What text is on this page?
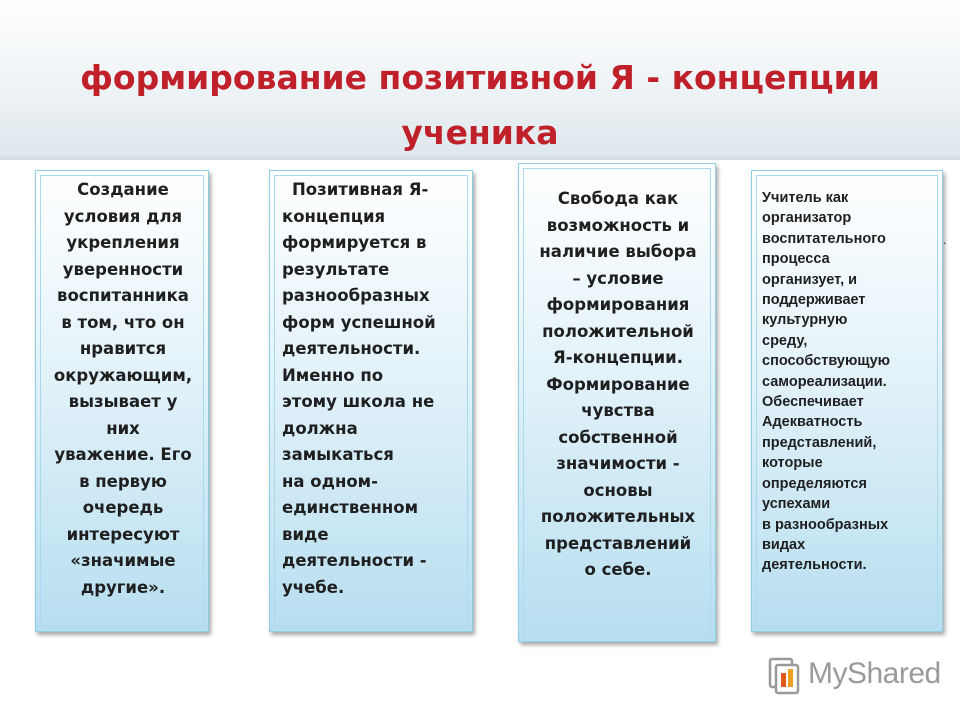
формирование позитивной Я - концепции
ученика
Создание
условия для
укрепления
уверенности
воспитанника
в том, что он
нравится
окружающим,
вызывает у
них
уважение. Его
в первую
очередь
интересуют
«значимые
другие».
Позитивная Я-
концепция
формируется в
результате
разнообразных
форм успешной
деятельности.
Именно по
этому школа не
должна
замыкаться
на одном-
единственном
виде
деятельности -
учебе.
Свобода как
возможность и
наличие выбора
– условие
формирования
положительной
Я-концепции.
Формирование
чувства
собственной
значимости -
основы
положительных
представлений
о себе.
Учитель как
организатор
воспитательного
процесса
организует, и
поддерживает
культурную
среду,
способствующую
самореализации.
Обеспечивает
Адекватность
представлений,
которые
определяются
успехами
в разнообразных
видах
деятельности.
.
MyShared
